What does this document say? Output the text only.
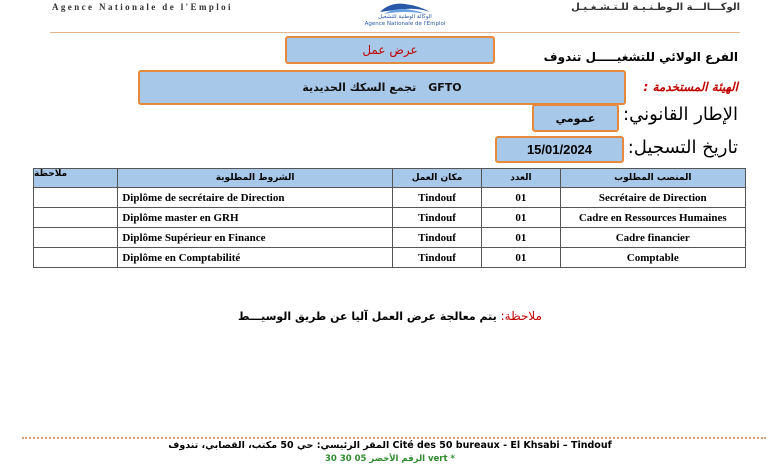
Agence Nationale de l'Emploi
الوكالة الوطنية للتشغيل
Agence Nationale de l'Emploi
الوكـــالـــة الـوطـنـيـة للـتـشـغـيـل
عرض عمل	الفرع الولائي للتشغيـــــل تندوف
الهيئة المستخدمة :
تجمع السكك الحديدية GFTO
الإطار القانوني:
عمومي
تاريخ التسجيل:
15/01/2024
ملاحظة	الشروط المطلوبة	مكان العمل	العدد	المنصب المطلوب
	Diplôme de secrétaire de Direction	Tindouf	01	Secrétaire de Direction
	Diplôme master en GRH	Tindouf	01	Cadre en Ressources Humaines
	Diplôme Supérieur en Finance	Tindouf	01	Cadre financier
	Diplôme en Comptabilité	Tindouf	01	Comptable
ملاحظة: يتم معالجة عرض العمل آليا عن طريق الوسيـــط
المقر الرئيسي: حي 50 مكتب، القصابي، تندوف Cité des 50 bureaux - El Khsabi – Tindouf
الرقم الأخضر 05 30 30 vert *
